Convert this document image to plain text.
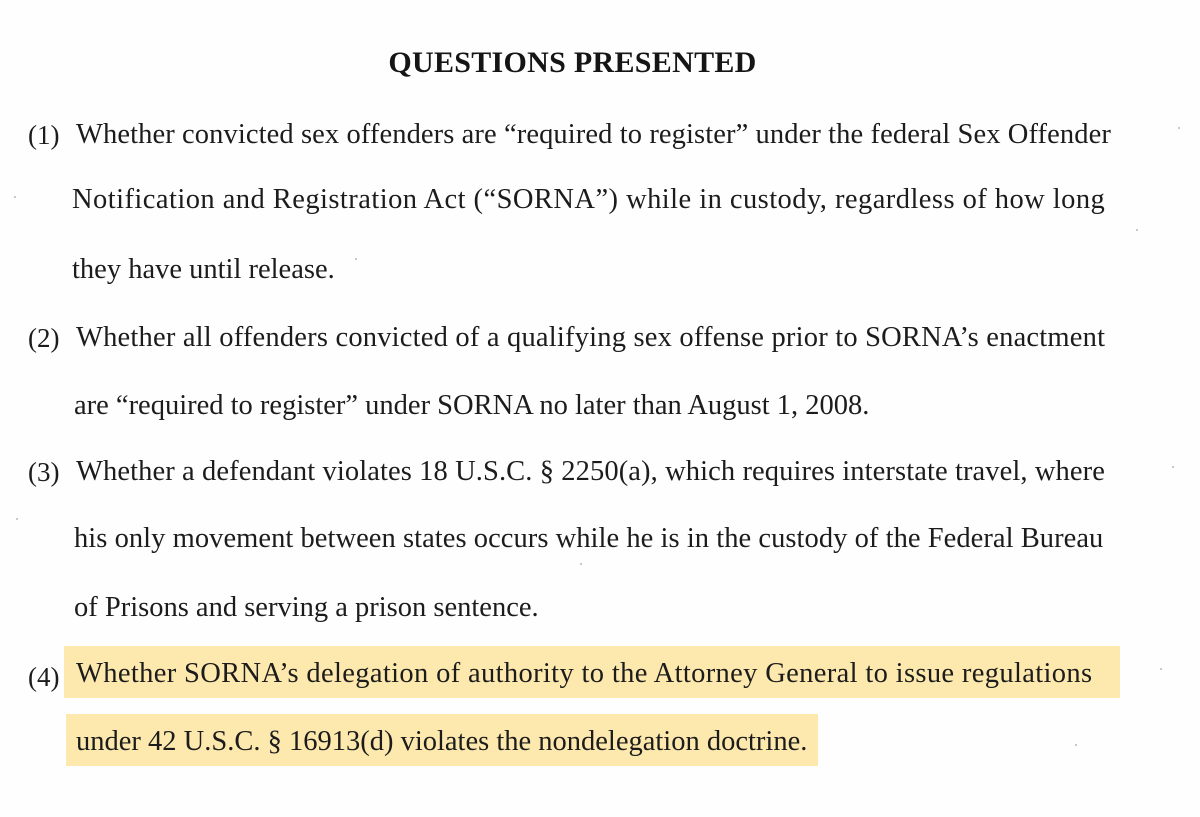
QUESTIONS PRESENTED
(1) Whether convicted sex offenders are “required to register” under the federal Sex Offender
Notification and Registration Act (“SORNA”) while in custody, regardless of how long
they have until release.
(2) Whether all offenders convicted of a qualifying sex offense prior to SORNA’s enactment
are “required to register” under SORNA no later than August 1, 2008.
(3) Whether a defendant violates 18 U.S.C. § 2250(a), which requires interstate travel, where
his only movement between states occurs while he is in the custody of the Federal Bureau
of Prisons and serving a prison sentence.
(4) Whether SORNA’s delegation of authority to the Attorney General to issue regulations
under 42 U.S.C. § 16913(d) violates the nondelegation doctrine.
